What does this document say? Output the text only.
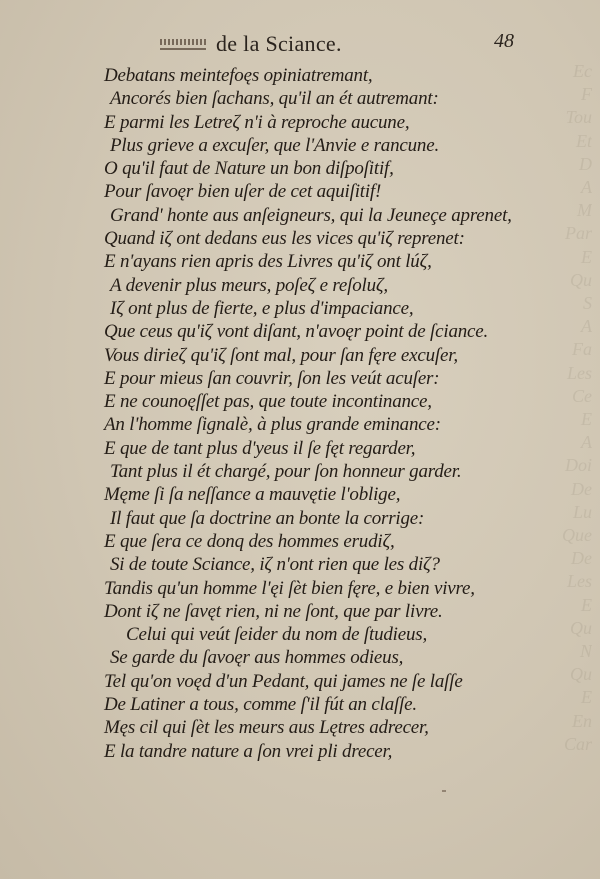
Ec
F
Tou
Et
D
A
M
Par
E
Qu
S
A
Fa
Les
Ce
E
A
Doi
De
Lu
Que
De
Les
E
Qu
N
Qu
E
En
Car
de la Sciance.	48
Debatans meintefoęs opiniatremant,
Ancorés bien ſachans, qu'il an ét autremant:
E parmi les Letreζ n'i à reproche aucune,
Plus grieve a excuſer, que l'Anvie e rancune.
O qu'il faut de Nature un bon diſpoſitif,
Pour ſavoęr bien uſer de cet aquiſitif!
Grand' honte aus anſeigneurs, qui la Jeuneçe aprenet,
Quand iζ ont dedans eus les vices qu'iζ reprenet:
E n'ayans rien apris des Livres qu'iζ ont lúζ,
A devenir plus meurs, poſeζ e reſoluζ,
Iζ ont plus de fierte, e plus d'impaciance,
Que ceus qu'iζ vont diſant, n'avoęr point de ſciance.
Vous dirieζ qu'iζ ſont mal, pour ſan fęre excuſer,
E pour mieus ſan couvrir, ſon les veút acuſer:
E ne counoęſſet pas, que toute incontinance,
An l'homme ſignalè, à plus grande eminance:
E que de tant plus d'yeus il ſe fęt regarder,
Tant plus il ét chargé, pour ſon honneur garder.
Męme ſi ſa neſſance a mauvętie l'oblige,
Il faut que ſa doctrine an bonte la corrige:
E que ſera ce donq des hommes erudiζ,
Si de toute Sciance, iζ n'ont rien que les diζ?
Tandis qu'un homme l'ęi ſèt bien fęre, e bien vivre,
Dont iζ ne ſavęt rien, ni ne ſont, que par livre.
Celui qui veút ſeider du nom de ſtudieus,
Se garde du ſavoęr aus hommes odieus,
Tel qu'on voęd d'un Pedant, qui james ne ſe laſſe
De Latiner a tous, comme ſ'il fút an claſſe.
Męs cil qui ſèt les meurs aus Lętres adrecer,
E la tandre nature a ſon vrei pli drecer,
